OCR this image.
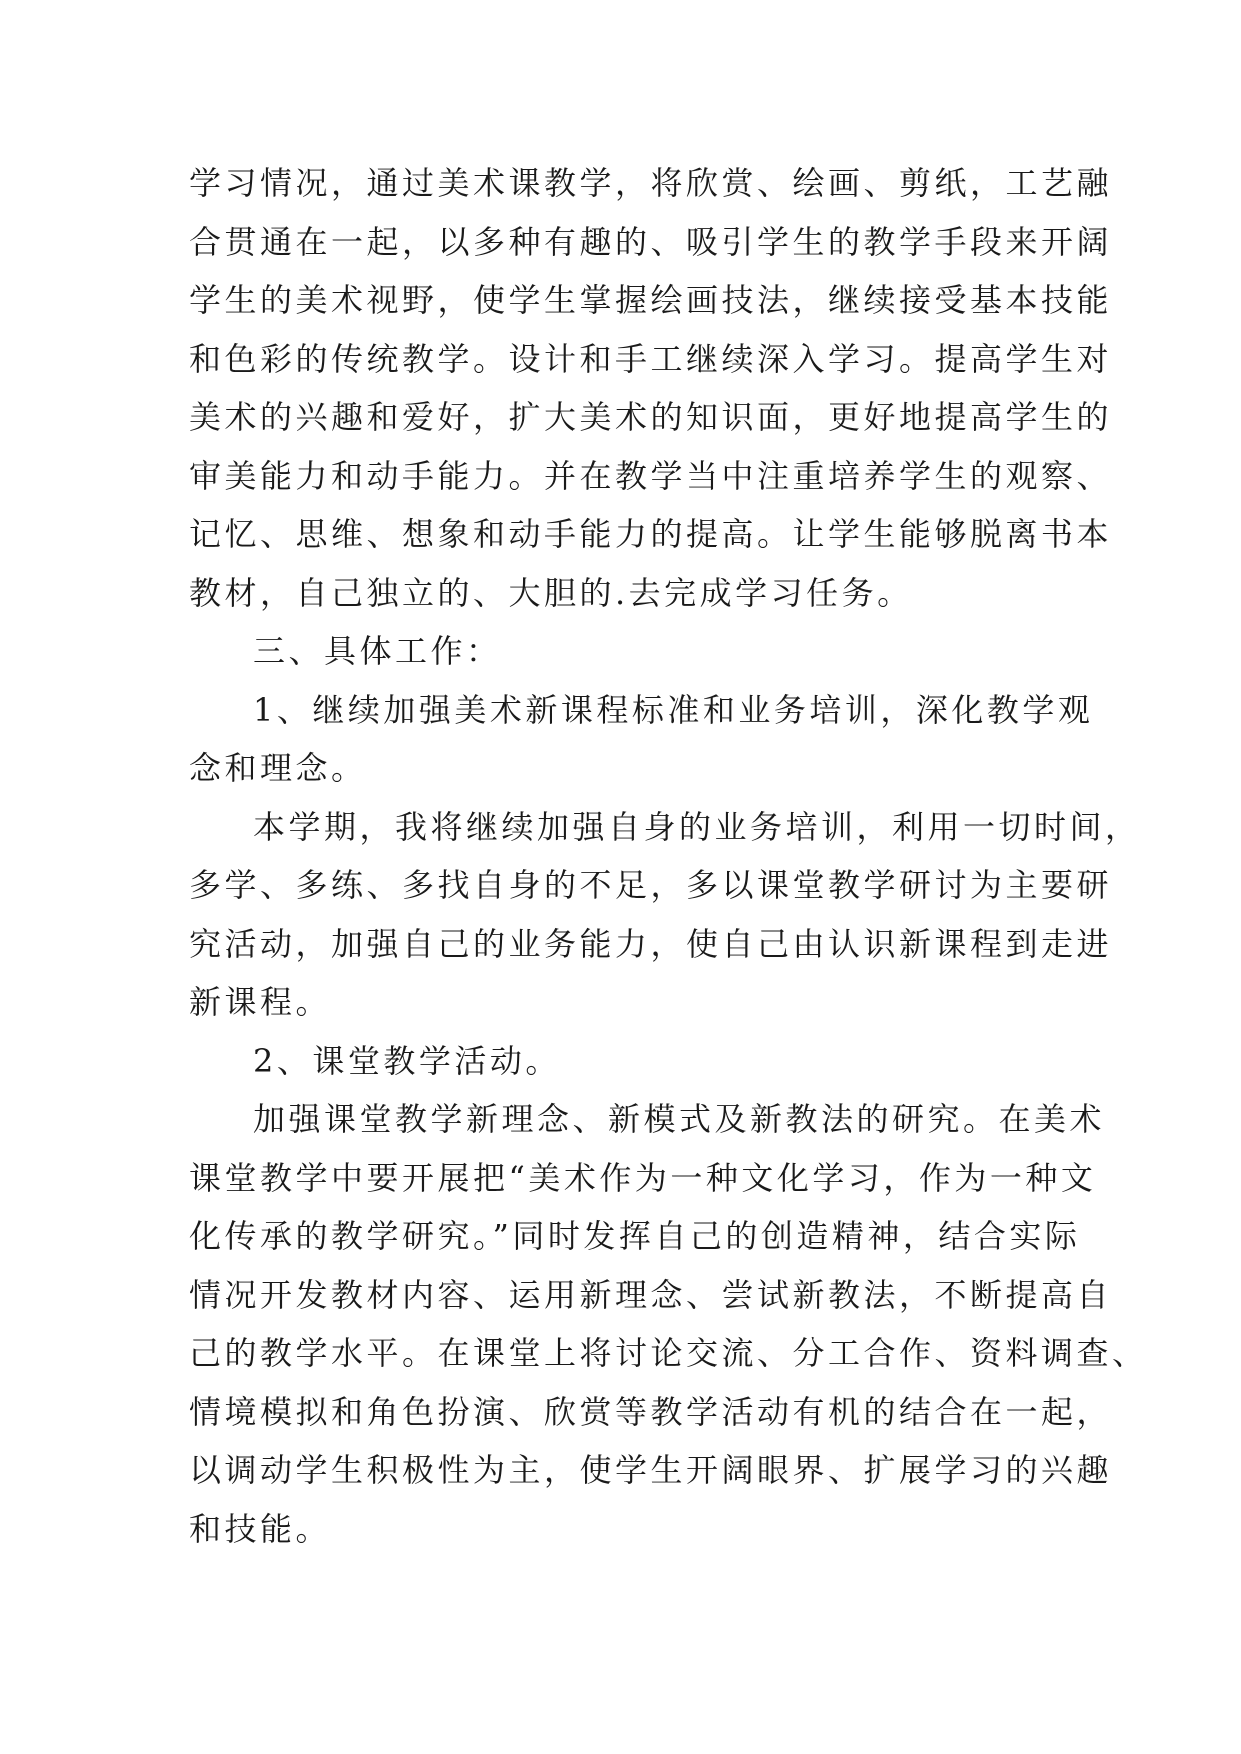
学习情况，通过美术课教学，将欣赏、绘画、剪纸，工艺融
合贯通在一起，以多种有趣的、吸引学生的教学手段来开阔
学生的美术视野，使学生掌握绘画技法，继续接受基本技能
和色彩的传统教学。设计和手工继续深入学习。提高学生对
美术的兴趣和爱好，扩大美术的知识面，更好地提高学生的
审美能力和动手能力。并在教学当中注重培养学生的观察、
记忆、思维、想象和动手能力的提高。让学生能够脱离书本
教材，自己独立的、大胆的.去完成学习任务。
三、具体工作：
1、继续加强美术新课程标准和业务培训，深化教学观
念和理念。
本学期，我将继续加强自身的业务培训，利用一切时间，
多学、多练、多找自身的不足，多以课堂教学研讨为主要研
究活动，加强自己的业务能力，使自己由认识新课程到走进
新课程。
2、课堂教学活动。
加强课堂教学新理念、新模式及新教法的研究。在美术
课堂教学中要开展把“美术作为一种文化学习，作为一种文
化传承的教学研究。”同时发挥自己的创造精神，结合实际
情况开发教材内容、运用新理念、尝试新教法，不断提高自
己的教学水平。在课堂上将讨论交流、分工合作、资料调查、
情境模拟和角色扮演、欣赏等教学活动有机的结合在一起，
以调动学生积极性为主，使学生开阔眼界、扩展学习的兴趣
和技能。
